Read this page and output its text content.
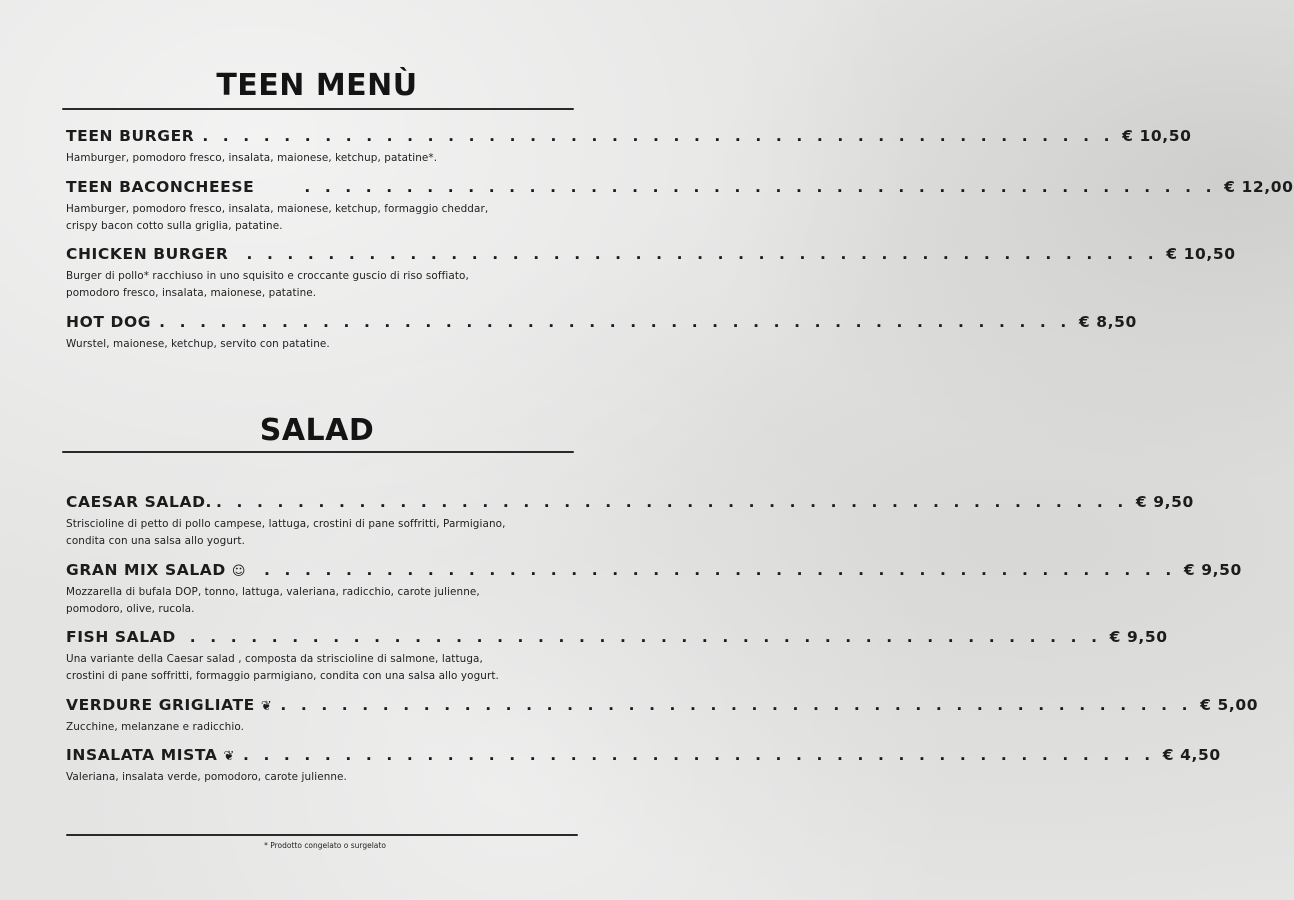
TEEN MENÙ
TEEN BURGER . . . . . . . . . . . . . . . . . . . . . . . . . . . . . . . . . . . . . . . . . . . . . € 10,50
Hamburger, pomodoro fresco, insalata, maionese, ketchup, patatine*.
TEEN BACONCHEESE	. . . . . . . . . . . . . . . . . . . . . . . . . . . . . . . . . . . . . . . . . . . . . € 12,00
Hamburger, pomodoro fresco, insalata, maionese, ketchup, formaggio cheddar,
crispy bacon cotto sulla griglia, patatine.
CHICKEN BURGER . . . . . . . . . . . . . . . . . . . . . . . . . . . . . . . . . . . . . . . . . . . . . € 10,50
Burger di pollo* racchiuso in uno squisito e croccante guscio di riso soffiato,
pomodoro fresco, insalata, maionese, patatine.
HOT DOG . . . . . . . . . . . . . . . . . . . . . . . . . . . . . . . . . . . . . . . . . . . . . € 8,50
Wurstel, maionese, ketchup, servito con patatine.
SALAD
CAESAR SALAD. . . . . . . . . . . . . . . . . . . . . . . . . . . . . . . . . . . . . . . . . . . . . . € 9,50
Striscioline di petto di pollo campese, lattuga, crostini di pane soffritti, Parmigiano,
condita con una salsa allo yogurt.
GRAN MIX SALAD ☺ . . . . . . . . . . . . . . . . . . . . . . . . . . . . . . . . . . . . . . . . . . . . . € 9,50
Mozzarella di bufala DOP, tonno, lattuga, valeriana, radicchio, carote julienne,
pomodoro, olive, rucola.
FISH SALAD . . . . . . . . . . . . . . . . . . . . . . . . . . . . . . . . . . . . . . . . . . . . . € 9,50
Una variante della Caesar salad , composta da striscioline di salmone, lattuga,
crostini di pane soffritti, formaggio parmigiano, condita con una salsa allo yogurt.
VERDURE GRIGLIATE ❦ . . . . . . . . . . . . . . . . . . . . . . . . . . . . . . . . . . . . . . . . . . . . . € 5,00
Zucchine, melanzane e radicchio.
INSALATA MISTA ❦ . . . . . . . . . . . . . . . . . . . . . . . . . . . . . . . . . . . . . . . . . . . . . € 4,50
Valeriana, insalata verde, pomodoro, carote julienne.
* Prodotto congelato o surgelato
